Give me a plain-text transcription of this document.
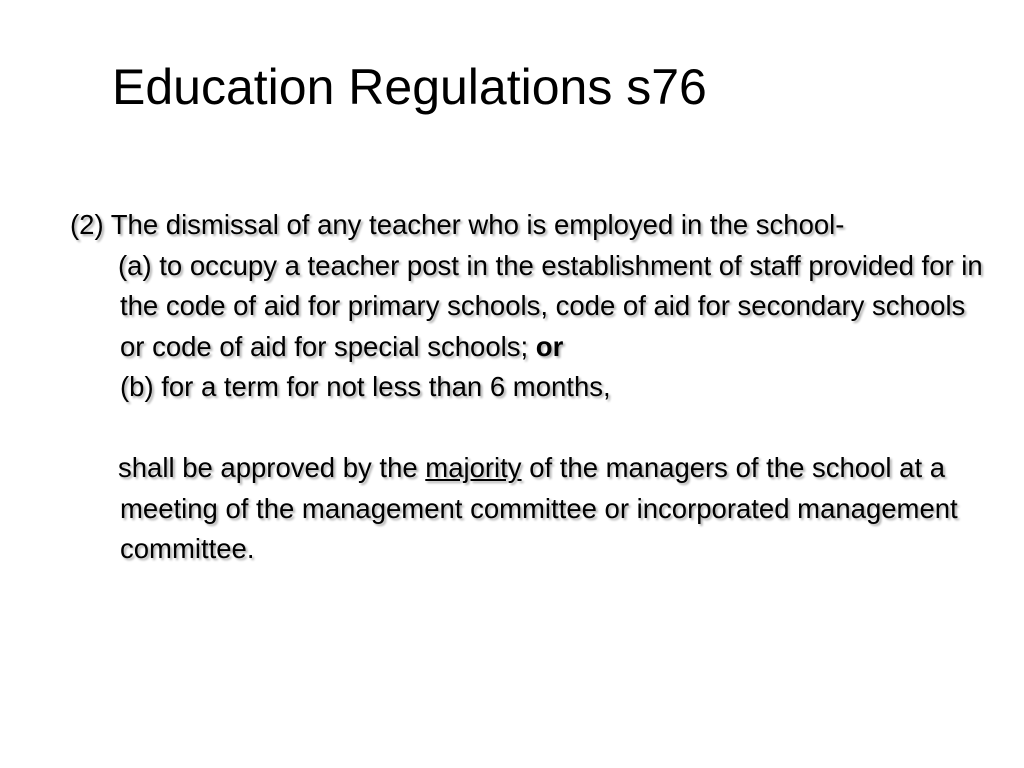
Education Regulations s76

(2) The dismissal of any teacher who is employed in the school-

(a) to occupy a teacher post in the establishment of staff provided for in the code of aid for primary schools, code of aid for secondary schools or code of aid for special schools; or

(b) for a term for not less than 6 months,

shall be approved by the majority of the managers of the school at a meeting of the management committee or incorporated management committee.
